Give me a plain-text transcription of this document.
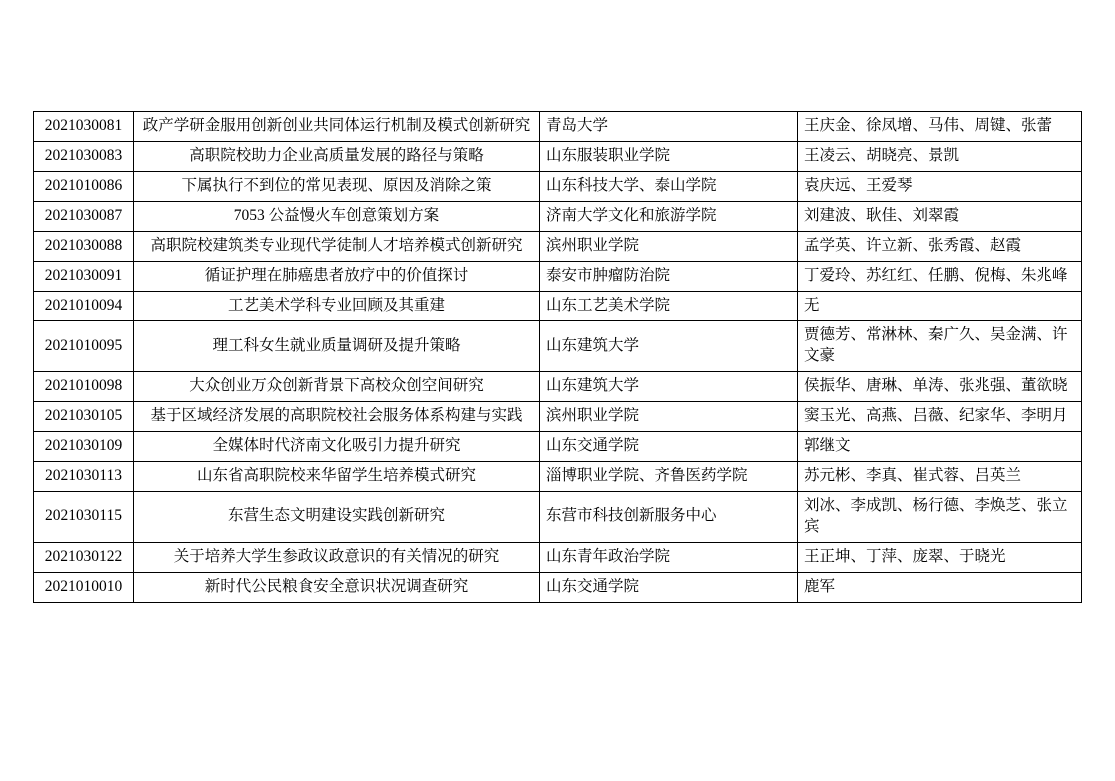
2021030081	政产学研金服用创新创业共同体运行机制及模式创新研究	青岛大学	王庆金、徐凤增、马伟、周键、张蕾
2021030083	高职院校助力企业高质量发展的路径与策略	山东服装职业学院	王凌云、胡晓亮、景凯
2021010086	下属执行不到位的常见表现、原因及消除之策	山东科技大学、泰山学院	袁庆远、王爱琴
2021030087	7053 公益慢火车创意策划方案	济南大学文化和旅游学院	刘建波、耿佳、刘翠霞
2021030088	高职院校建筑类专业现代学徒制人才培养模式创新研究	滨州职业学院	孟学英、许立新、张秀霞、赵霞
2021030091	循证护理在肺癌患者放疗中的价值探讨	泰安市肿瘤防治院	丁爱玲、苏红红、任鹏、倪梅、朱兆峰
2021010094	工艺美术学科专业回顾及其重建	山东工艺美术学院	无
2021010095	理工科女生就业质量调研及提升策略	山东建筑大学	贾德芳、常淋林、秦广久、吴金满、许文豪
2021010098	大众创业万众创新背景下高校众创空间研究	山东建筑大学	侯振华、唐琳、单涛、张兆强、董欲晓
2021030105	基于区域经济发展的高职院校社会服务体系构建与实践	滨州职业学院	窦玉光、高燕、吕薇、纪家华、李明月
2021030109	全媒体时代济南文化吸引力提升研究	山东交通学院	郭继文
2021030113	山东省高职院校来华留学生培养模式研究	淄博职业学院、齐鲁医药学院	苏元彬、李真、崔式蓉、吕英兰
2021030115	东营生态文明建设实践创新研究	东营市科技创新服务中心	刘冰、李成凯、杨行德、李焕芝、张立宾
2021030122	关于培养大学生参政议政意识的有关情况的研究	山东青年政治学院	王正坤、丁萍、庞翠、于晓光
2021010010	新时代公民粮食安全意识状况调查研究	山东交通学院	鹿军
